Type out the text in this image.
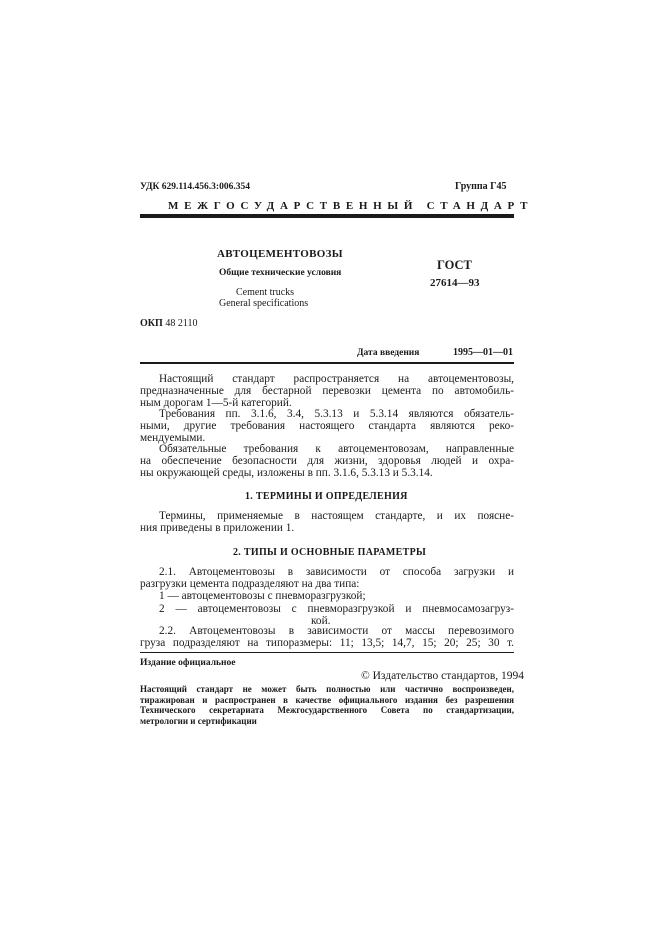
УДК 629.114.456.3:006.354	Группа Г45
МЕЖГОСУДАРСТВЕННЫЙ СТАНДАРТ
АВТОЦЕМЕНТОВОЗЫ
Общие технические условия
Cement trucks
General specifications
ГОСТ
27614—93
ОКП 48 2110
Дата введения	1995—01—01
Настоящий стандарт распространяется на автоцементовозы,
предназначенные для бестарной перевозки цемента по автомобиль-
ным дорогам 1—5-й категорий.
Требования пп. 3.1.6, 3.4, 5.3.13 и 5.3.14 являются обязатель-
ными, другие требования настоящего стандарта являются реко-
мендуемыми.
Обязательные требования к автоцементовозам, направленные
на обеспечение безопасности для жизни, здоровья людей и охра-
ны окружающей среды, изложены в пп. 3.1.6, 5.3.13 и 5.3.14.
1. ТЕРМИНЫ И ОПРЕДЕЛЕНИЯ
Термины, применяемые в настоящем стандарте, и их поясне-
ния приведены в приложении 1.
2. ТИПЫ И ОСНОВНЫЕ ПАРАМЕТРЫ
2.1. Автоцементовозы в зависимости от способа загрузки и
разгрузки цемента подразделяют на два типа:
1 — автоцементовозы с пневморазгрузкой;
2 — автоцементовозы с пневморазгрузкой и пневмосамозагруз-
кой.
2.2. Автоцементовозы в зависимости от массы перевозимого
груза подразделяют на типоразмеры: 11; 13,5; 14,7, 15; 20; 25; 30 т.
Издание официальное
© Издательство стандартов, 1994
Настоящий стандарт не может быть полностью или частично воспроизведен,
тиражирован и распространен в качестве официального издания без разрешения
Технического секретариата Межгосударственного Совета по стандартизации,
метрологии и сертификации
